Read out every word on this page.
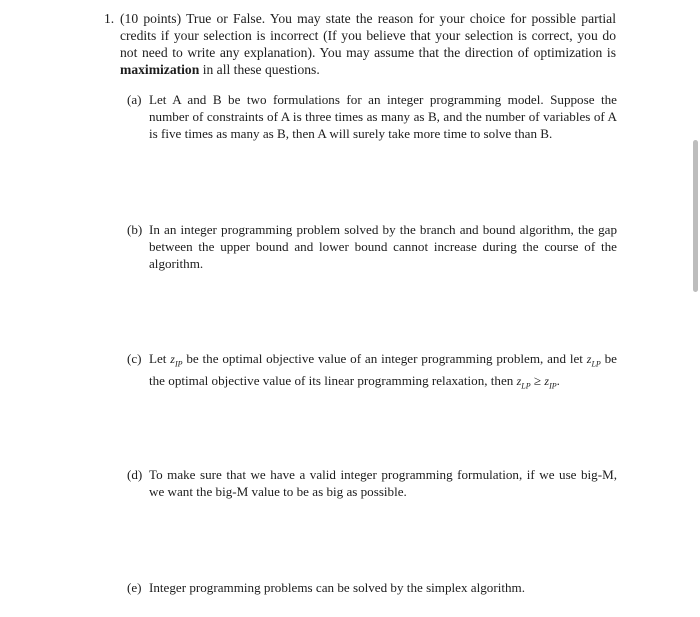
1. (10 points) True or False. You may state the reason for your choice for possible partial credits if your selection is incorrect (If you believe that your selection is correct, you do not need to write any explanation). You may assume that the direction of optimization is maximization in all these questions.
(a) Let A and B be two formulations for an integer programming model. Suppose the number of constraints of A is three times as many as B, and the number of variables of A is five times as many as B, then A will surely take more time to solve than B.
(b) In an integer programming problem solved by the branch and bound algorithm, the gap between the upper bound and lower bound cannot increase during the course of the algorithm.
(c) Let $z_{IP}$ be the optimal objective value of an integer programming problem, and let $z_{LP}$ be the optimal objective value of its linear programming relaxation, then $z_{LP} \ge z_{IP}$.
(d) To make sure that we have a valid integer programming formulation, if we use big-M, we want the big-M value to be as big as possible.
(e) Integer programming problems can be solved by the simplex algorithm.
